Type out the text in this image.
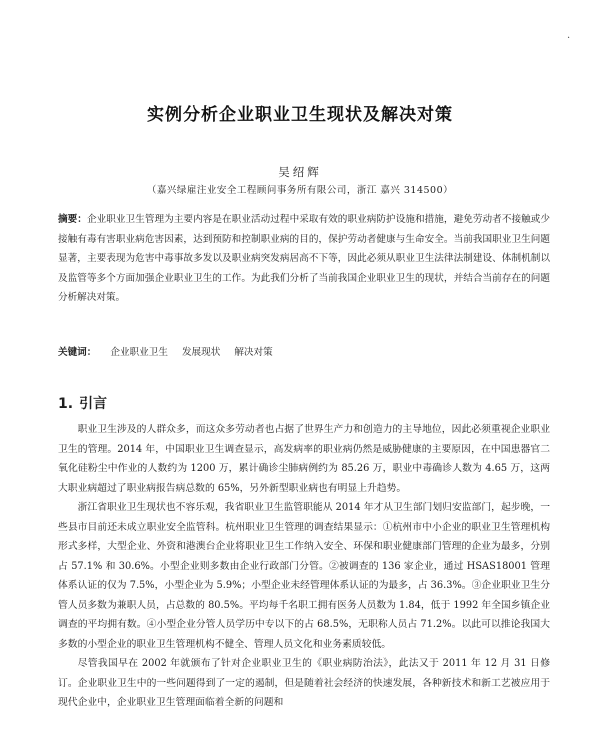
·
实例分析企业职业卫生现状及解决对策
吴绍辉
（嘉兴绿雇注业安全工程顾问事务所有限公司，浙江 嘉兴 314500）
摘要：企业职业卫生管理为主要内容是在职业活动过程中采取有效的职业病防护设施和措施，避免劳动者不接触或少接触有毒有害职业病危害因素，达到预防和控制职业病的目的，保护劳动者健康与生命安全。当前我国职业卫生问题显著，主要表现为危害中毒事故多发以及职业病突发病居高不下等，因此必须从职业卫生法律法制建设、体制机制以及监管等多个方面加强企业职业卫生的工作。为此我们分析了当前我国企业职业卫生的现状，并结合当前存在的问题分析解决对策。
关键词： 企业职业卫生 发展现状 解决对策
1. 引言

职业卫生涉及的人群众多，而这众多劳动者也占据了世界生产力和创造力的主导地位，因此必须重视企业职业卫生的管理。2014 年，中国职业卫生调查显示，高发病率的职业病仍然是威胁健康的主要原因，在中国患器官二氧化硅粉尘中作业的人数约为 1200 万，累计确诊尘肺病例约为 85.26 万，职业中毒确诊人数为 4.65 万，这两大职业病超过了职业病报告病总数的 65%，另外新型职业病也有明显上升趋势。

浙江省职业卫生现状也不容乐观，我省职业卫生监管职能从 2014 年才从卫生部门划归安监部门，起步晚，一些县市目前还未成立职业安全监管科。杭州职业卫生管理的调查结果显示：①杭州市中小企业的职业卫生管理机构形式多样，大型企业、外资和港澳台企业将职业卫生工作纳入安全、环保和职业健康部门管理的企业为最多，分别占 57.1% 和 30.6%。小型企业则多数由企业行政部门分管。②被调查的 136 家企业，通过 HSAS18001 管理体系认证的仅为 7.5%，小型企业为 5.9%；小型企业未经管理体系认证的为最多，占 36.3%。③企业职业卫生分管人员多数为兼职人员，占总数的 80.5%。平均每千名职工拥有医务人员数为 1.84，低于 1992 年全国乡镇企业调查的平均拥有数。④小型企业分管人员学历中专以下的占 68.5%，无职称人员占 71.2%。以此可以推论我国大多数的小型企业的职业卫生管理机构不健全、管理人员文化和业务素质较低。

尽管我国早在 2002 年就颁布了针对企业职业卫生的《职业病防治法》，此法又于 2011 年 12 月 31 日修订。企业职业卫生中的一些问题得到了一定的遏制，但是随着社会经济的快速发展，各种新技术和新工艺被应用于现代企业中，企业职业卫生管理面临着全新的问题和
